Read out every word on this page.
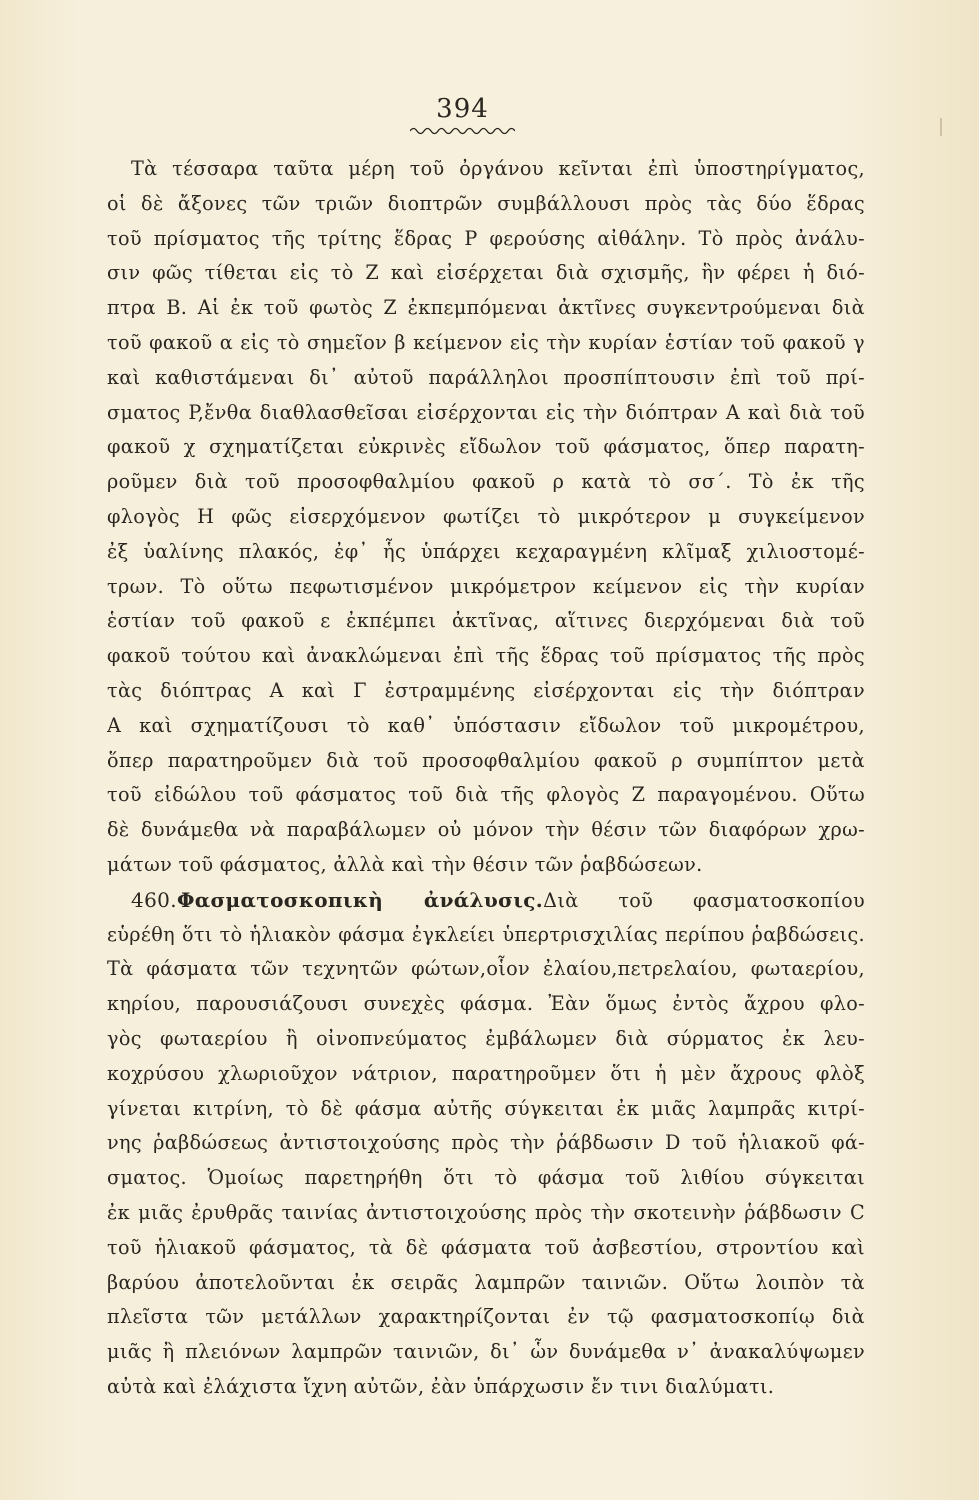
394
Τὰ τέσσαρα ταῦτα μέρη τοῦ ὀργάνου κεῖνται ἐπὶ ὑποστηρίγματος,
οἱ δὲ ἄξονες τῶν τριῶν διοπτρῶν συμβάλλουσι πρὸς τὰς δύο ἕδρας
τοῦ πρίσματος τῆς τρίτης ἕδρας P φερούσης αἰθάλην. Τὸ πρὸς ἀνάλυ-
σιν φῶς τίθεται εἰς τὸ Z καὶ εἰσέρχεται διὰ σχισμῆς, ἣν φέρει ἡ διό-
πτρα B. Αἱ ἐκ τοῦ φωτὸς Z ἐκπεμπόμεναι ἀκτῖνες συγκεντρούμεναι διὰ
τοῦ φακοῦ α εἰς τὸ σημεῖον β κείμενον εἰς τὴν κυρίαν ἑστίαν τοῦ φακοῦ γ
καὶ καθιστάμεναι δι᾽ αὐτοῦ παράλληλοι προσπίπτουσιν ἐπὶ τοῦ πρί-
σματος P,ἔνθα διαθλασθεῖσαι εἰσέρχονται εἰς τὴν διόπτραν A καὶ διὰ τοῦ
φακοῦ χ σχηματίζεται εὐκρινὲς εἴδωλον τοῦ φάσματος, ὅπερ παρατη-
ροῦμεν διὰ τοῦ προσοφθαλμίου φακοῦ ρ κατὰ τὸ σσ΄. Τὸ ἐκ τῆς
φλογὸς H φῶς εἰσερχόμενον φωτίζει τὸ μικρότερον μ συγκείμενον
ἐξ ὑαλίνης πλακός, ἐφ᾽ ἧς ὑπάρχει κεχαραγμένη κλῖμαξ χιλιοστομέ-
τρων. Τὸ οὕτω πεφωτισμένον μικρόμετρον κείμενον εἰς τὴν κυρίαν
ἑστίαν τοῦ φακοῦ ε ἐκπέμπει ἀκτῖνας, αἵτινες διερχόμεναι διὰ τοῦ
φακοῦ τούτου καὶ ἀνακλώμεναι ἐπὶ τῆς ἕδρας τοῦ πρίσματος τῆς πρὸς
τὰς διόπτρας A καὶ Γ ἐστραμμένης εἰσέρχονται εἰς τὴν διόπτραν
A καὶ σχηματίζουσι τὸ καθ᾽ ὑπόστασιν εἴδωλον τοῦ μικρομέτρου,
ὅπερ παρατηροῦμεν διὰ τοῦ προσοφθαλμίου φακοῦ ρ συμπίπτον μετὰ
τοῦ εἰδώλου τοῦ φάσματος τοῦ διὰ τῆς φλογὸς Z παραγομένου. Οὕτω
δὲ δυνάμεθα νὰ παραβάλωμεν οὐ μόνον τὴν θέσιν τῶν διαφόρων χρω-
μάτων τοῦ φάσματος, ἀλλὰ καὶ τὴν θέσιν τῶν ῥαβδώσεων.
460.Φασματοσκοπικὴ ἀνάλυσις.Διὰ τοῦ φασματοσκοπίου
εὑρέθη ὅτι τὸ ἡλιακὸν φάσμα ἐγκλείει ὑπερτρισχιλίας περίπου ῥαβδώσεις.
Τὰ φάσματα τῶν τεχνητῶν φώτων,οἷον ἐλαίου,πετρελαίου, φωταερίου,
κηρίου, παρουσιάζουσι συνεχὲς φάσμα. Ἐὰν ὅμως ἐντὸς ἄχρου φλο-
γὸς φωταερίου ἢ οἰνοπνεύματος ἐμβάλωμεν διὰ σύρματος ἐκ λευ-
κοχρύσου χλωριοῦχον νάτριον, παρατηροῦμεν ὅτι ἡ μὲν ἄχρους φλὸξ
γίνεται κιτρίνη, τὸ δὲ φάσμα αὐτῆς σύγκειται ἐκ μιᾶς λαμπρᾶς κιτρί-
νης ῥαβδώσεως ἀντιστοιχούσης πρὸς τὴν ῥάβδωσιν D τοῦ ἡλιακοῦ φά-
σματος. Ὁμοίως παρετηρήθη ὅτι τὸ φάσμα τοῦ λιθίου σύγκειται
ἐκ μιᾶς ἐρυθρᾶς ταινίας ἀντιστοιχούσης πρὸς τὴν σκοτεινὴν ῥάβδωσιν C
τοῦ ἡλιακοῦ φάσματος, τὰ δὲ φάσματα τοῦ ἀσβεστίου, στροντίου καὶ
βαρύου ἀποτελοῦνται ἐκ σειρᾶς λαμπρῶν ταινιῶν. Οὕτω λοιπὸν τὰ
πλεῖστα τῶν μετάλλων χαρακτηρίζονται ἐν τῷ φασματοσκοπίῳ διὰ
μιᾶς ἢ πλειόνων λαμπρῶν ταινιῶν, δι᾽ ὧν δυνάμεθα ν᾽ ἀνακαλύψωμεν
αὐτὰ καὶ ἐλάχιστα ἴχνη αὐτῶν, ἐὰν ὑπάρχωσιν ἔν τινι διαλύματι.
